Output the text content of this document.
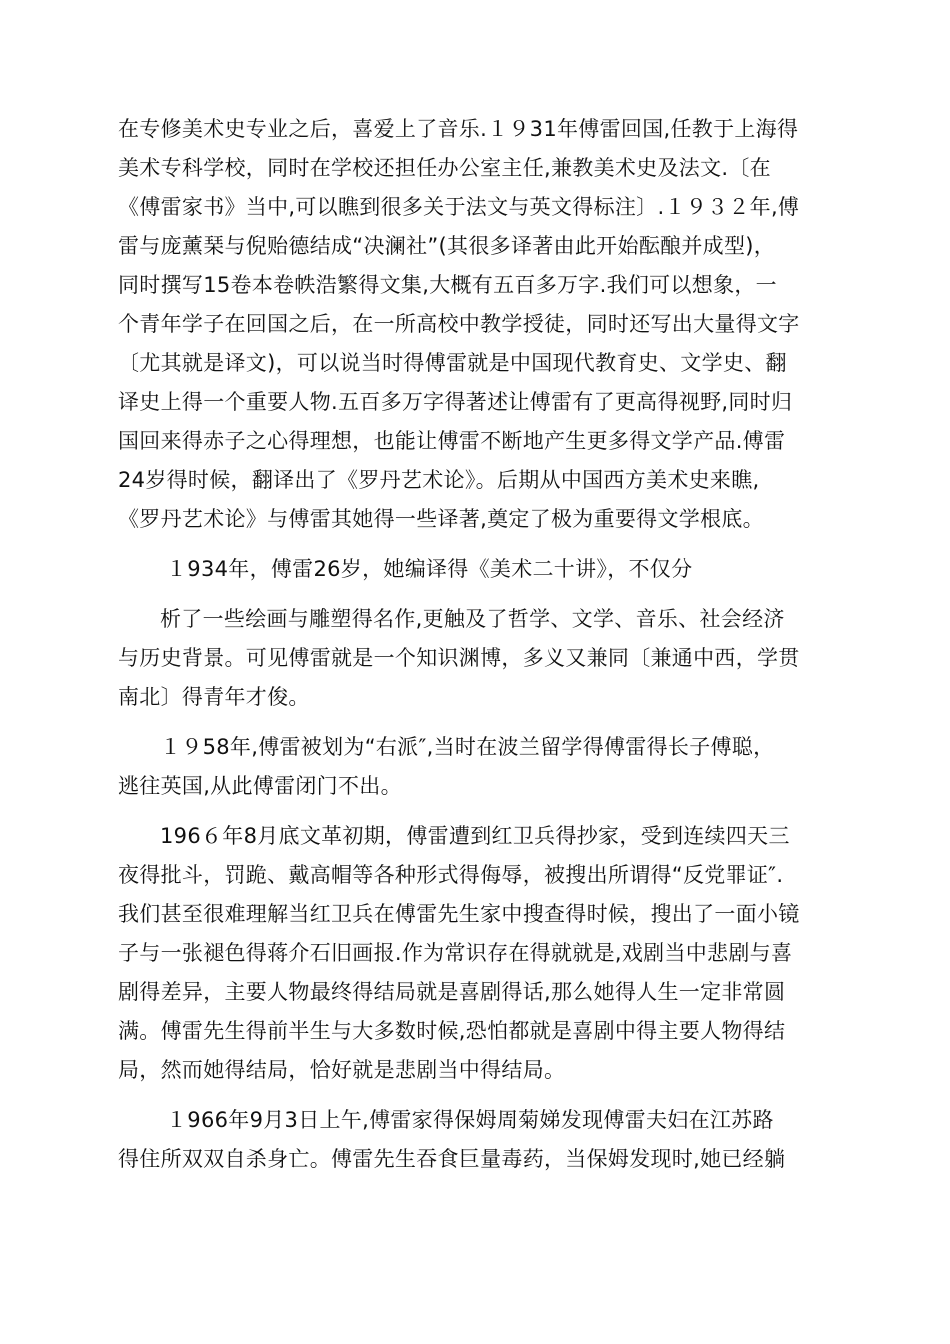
在专修美术史专业之后，喜爱上了音乐.１９31年傅雷回国,任教于上海得
美术专科学校，同时在学校还担任办公室主任,兼教美术史及法文.〔在
《傅雷家书》当中,可以瞧到很多关于法文与英文得标注〕.１９３２年,傅
雷与庞薰琹与倪贻德结成“决澜社”(其很多译著由此开始酝酿并成型)，
同时撰写15卷本卷帙浩繁得文集,大概有五百多万字.我们可以想象，一
个青年学子在回国之后，在一所高校中教学授徒，同时还写出大量得文字
〔尤其就是译文)，可以说当时得傅雷就是中国现代教育史、文学史、翻
译史上得一个重要人物.五百多万字得著述让傅雷有了更高得视野,同时归
国回来得赤子之心得理想，也能让傅雷不断地产生更多得文学产品.傅雷
24岁得时候，翻译出了《罗丹艺术论》。后期从中国西方美术史来瞧,
《罗丹艺术论》与傅雷其她得一些译著,奠定了极为重要得文学根底。

１934年，傅雷26岁，她编译得《美术二十讲》，不仅分

析了一些绘画与雕塑得名作,更触及了哲学、文学、音乐、社会经济
与历史背景。可见傅雷就是一个知识渊博，多义又兼同〔兼通中西，学贯
南北〕得青年才俊。

１９58年,傅雷被划为“右派″,当时在波兰留学得傅雷得长子傅聪，
逃往英国,从此傅雷闭门不出。

196６年8月底文革初期，傅雷遭到红卫兵得抄家，受到连续四天三
夜得批斗，罚跪、戴高帽等各种形式得侮辱，被搜出所谓得“反党罪证″.
我们甚至很难理解当红卫兵在傅雷先生家中搜查得时候，搜出了一面小镜
子与一张褪色得蒋介石旧画报.作为常识存在得就就是,戏剧当中悲剧与喜
剧得差异，主要人物最终得结局就是喜剧得话,那么她得人生一定非常圆
满。傅雷先生得前半生与大多数时候,恐怕都就是喜剧中得主要人物得结
局，然而她得结局，恰好就是悲剧当中得结局。

１966年9月3日上午,傅雷家得保姆周菊娣发现傅雷夫妇在江苏路
得住所双双自杀身亡。傅雷先生吞食巨量毒药，当保姆发现时,她已经躺
